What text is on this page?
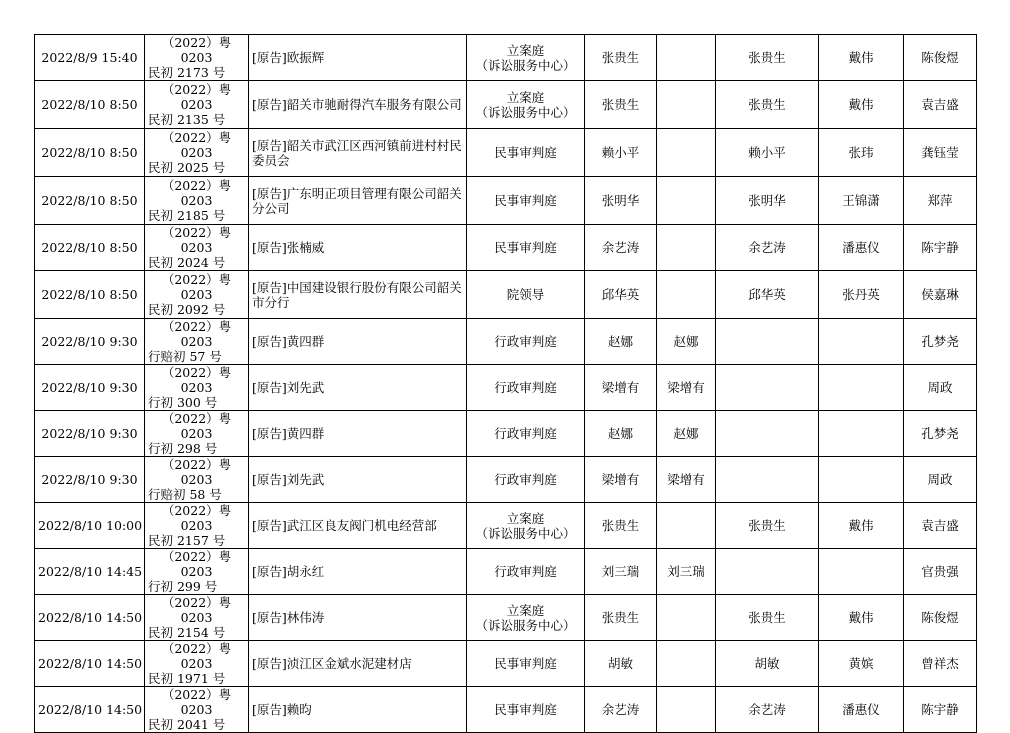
2022/8/9 15:40	（2022）粤 0203
民初 2173 号	[原告]欧振辉	立案庭
（诉讼服务中心）	张贵生		张贵生	戴伟	陈俊煜
2022/8/10 8:50	（2022）粤 0203
民初 2135 号	[原告]韶关市驰耐得汽车服务有限公司	立案庭
（诉讼服务中心）	张贵生		张贵生	戴伟	袁吉盛
2022/8/10 8:50	（2022）粤 0203
民初 2025 号	[原告]韶关市武江区西河镇前进村村民委员会	民事审判庭	赖小平		赖小平	张玮	龚钰莹
2022/8/10 8:50	（2022）粤 0203
民初 2185 号	[原告]广东明正项目管理有限公司韶关分公司	民事审判庭	张明华		张明华	王锦潇	郑萍
2022/8/10 8:50	（2022）粤 0203
民初 2024 号	[原告]张楠威	民事审判庭	余艺涛		余艺涛	潘惠仪	陈宇静
2022/8/10 8:50	（2022）粤 0203
民初 2092 号	[原告]中国建设银行股份有限公司韶关市分行	院领导	邱华英		邱华英	张丹英	侯嘉琳
2022/8/10 9:30	（2022）粤 0203
行赔初 57 号	[原告]黄四群	行政审判庭	赵娜	赵娜			孔梦尧
2022/8/10 9:30	（2022）粤 0203
行初 300 号	[原告]刘先武	行政审判庭	梁增有	梁增有			周政
2022/8/10 9:30	（2022）粤 0203
行初 298 号	[原告]黄四群	行政审判庭	赵娜	赵娜			孔梦尧
2022/8/10 9:30	（2022）粤 0203
行赔初 58 号	[原告]刘先武	行政审判庭	梁增有	梁增有			周政
2022/8/10 10:00	（2022）粤 0203
民初 2157 号	[原告]武江区良友阀门机电经营部	立案庭
（诉讼服务中心）	张贵生		张贵生	戴伟	袁吉盛
2022/8/10 14:45	（2022）粤 0203
行初 299 号	[原告]胡永红	行政审判庭	刘三瑞	刘三瑞			官贵强
2022/8/10 14:50	（2022）粤 0203
民初 2154 号	[原告]林伟涛	立案庭
（诉讼服务中心）	张贵生		张贵生	戴伟	陈俊煜
2022/8/10 14:50	（2022）粤 0203
民初 1971 号	[原告]浈江区金斌水泥建材店	民事审判庭	胡敏		胡敏	黄嫔	曾祥杰
2022/8/10 14:50	（2022）粤 0203
民初 2041 号	[原告]赖昀	民事审判庭	余艺涛		余艺涛	潘惠仪	陈宇静
